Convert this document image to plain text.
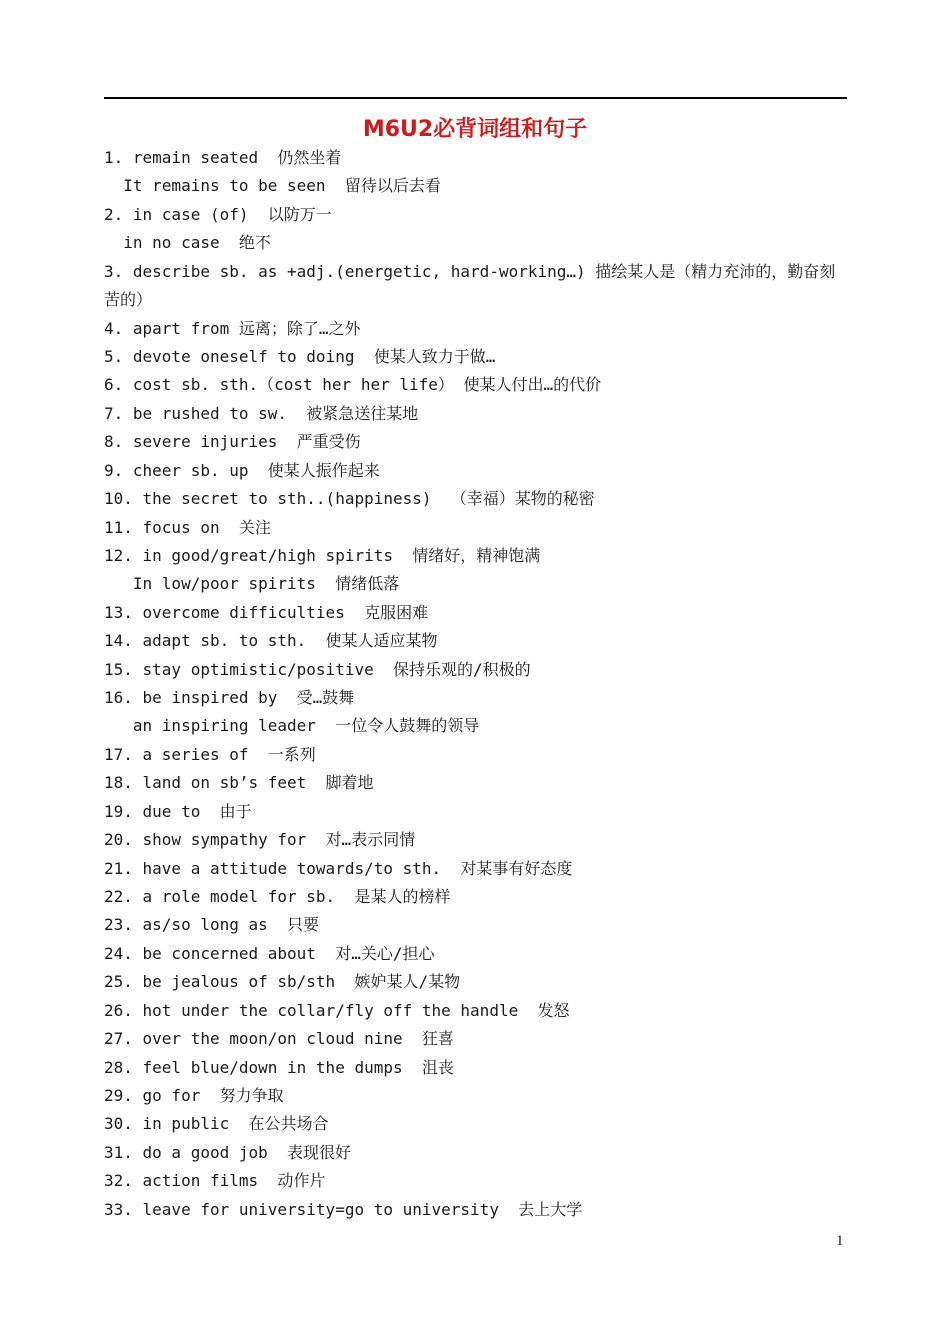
M6U2必背词组和句子
1. remain seated  仍然坐着
It remains to be seen  留待以后去看
2. in case (of)  以防万一
in no case  绝不
3. describe sb. as +adj.(energetic, hard-working…) 描绘某人是（精力充沛的，勤奋刻苦的）
4. apart from 远离；除了…之外
5. devote oneself to doing  使某人致力于做…
6. cost sb. sth.（cost her her life） 使某人付出…的代价
7. be rushed to sw.  被紧急送往某地
8. severe injuries  严重受伤
9. cheer sb. up  使某人振作起来
10. the secret to sth..(happiness)  （幸福）某物的秘密
11. focus on  关注
12. in good/great/high spirits  情绪好，精神饱满
In low/poor spirits  情绪低落
13. overcome difficulties  克服困难
14. adapt sb. to sth.  使某人适应某物
15. stay optimistic/positive  保持乐观的/积极的
16. be inspired by  受…鼓舞
an inspiring leader  一位令人鼓舞的领导
17. a series of  一系列
18. land on sb’s feet  脚着地
19. due to  由于
20. show sympathy for  对…表示同情
21. have a attitude towards/to sth.  对某事有好态度
22. a role model for sb.  是某人的榜样
23. as/so long as  只要
24. be concerned about  对…关心/担心
25. be jealous of sb/sth  嫉妒某人/某物
26. hot under the collar/fly off the handle  发怒
27. over the moon/on cloud nine  狂喜
28. feel blue/down in the dumps  沮丧
29. go for  努力争取
30. in public  在公共场合
31. do a good job  表现很好
32. action films  动作片
33. leave for university=go to university  去上大学
1
